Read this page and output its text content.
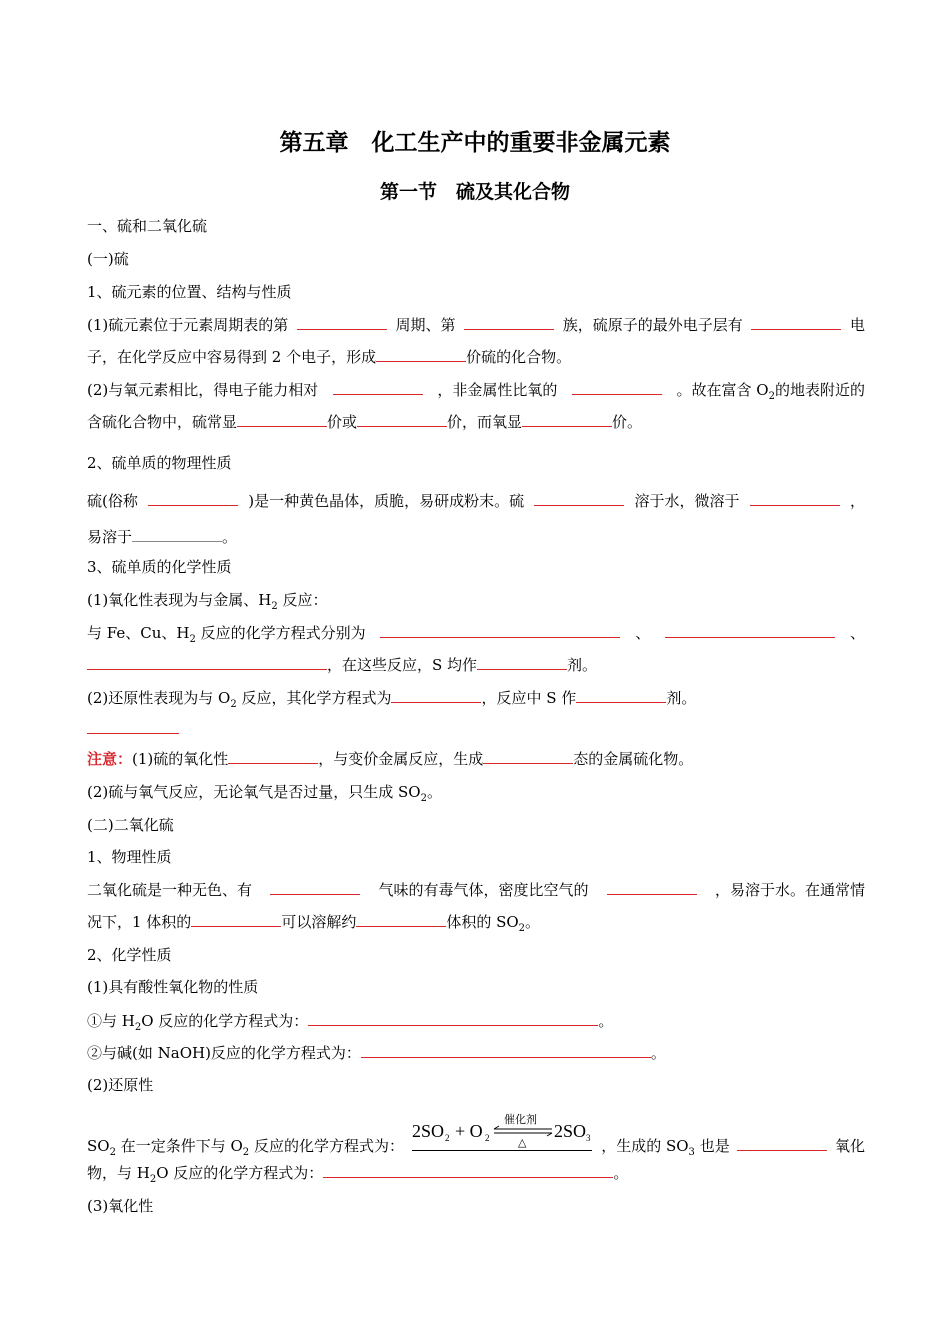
第五章　化工生产中的重要非金属元素
第一节　硫及其化合物
一、硫和二氧化硫
(一)硫
1、硫元素的位置、结构与性质
(1)硫元素位于元素周期表的第	周期、第	族，硫原子的最外电子层有	电
子，在化学反应中容易得到 2 个电子，形成	价硫的化合物。
(2)与氧元素相比，得电子能力相对	，非金属性比氧的	。故在富含 $O_2$的地表附近的
含硫化合物中，硫常显	价或	价，而氧显	价。
2、硫单质的物理性质
硫(俗称	)是一种黄色晶体，质脆，易研成粉末。硫	溶于水，微溶于	，
易溶于	。
3、硫单质的化学性质
(1)氧化性表现为与金属、$H_2$ 反应：
与 Fe、Cu、$H_2$ 反应的化学方程式分别为	、	、
，在这些反应，S 均作	剂。
(2)还原性表现为与 $O_2$ 反应，其化学方程式为	，反应中 S 作	剂。
注意：(1)硫的氧化性	，与变价金属反应，生成	态的金属硫化物。
(2)硫与氧气反应，无论氧气是否过量，只生成 $SO_2$。
(二)二氧化硫
1、物理性质
二氧化硫是一种无色、有	气味的有毒气体，密度比空气的	，易溶于水。在通常情
况下，1 体积的	可以溶解约	体积的 $SO_2$。
2、化学性质
(1)具有酸性氧化物的性质
①与 $H_2O$ 反应的化学方程式为：	。
②与碱(如 NaOH)反应的化学方程式为：	。
(2)还原性
$SO_2$ 在一定条件下与 $O_2$ 反应的化学方程式为：
2SO 2 + O 2
催化剂
△
2SO 3 ，生成的 $SO_3$ 也是	氧化
物，与 $H_2O$ 反应的化学方程式为：	。
(3)氧化性
